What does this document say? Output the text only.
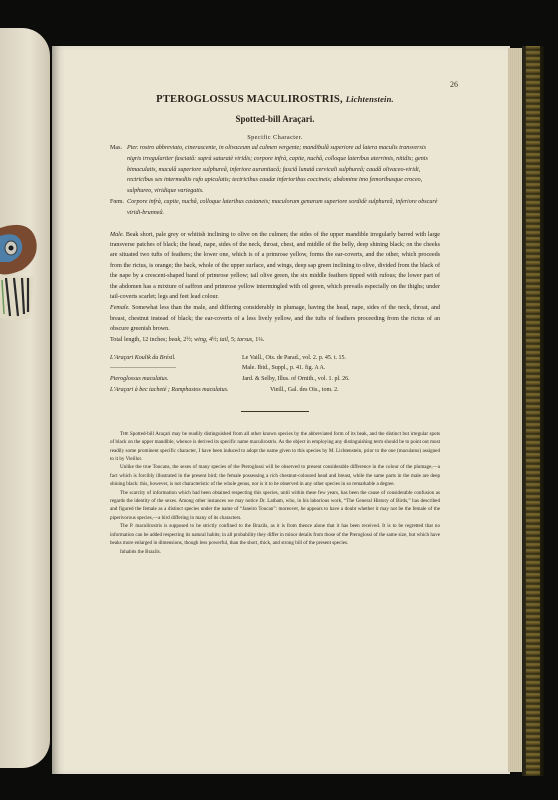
26
PTEROGLOSSUS MACULIROSTRIS, Lichtenstein.
Spotted-bill Araçari.
Specific Character.
Mas. Pter. rostro abbreviato, cinerascente, in olivaceum ad culmen vergente; mandibulâ superiore ad latera maculis transversis nigris irregulariter fasciatâ: suprà saturatè viridis; corpore infrà, capite, nuchâ, colloque lateribus aterrimis, nitidis; genis bimaculatis, maculâ superiore sulphureâ, inferiore aurantiacâ; fasciâ lunatâ cervicali sulphureâ; caudâ olivaceo-viridi, rectricibus sex intermediis rufo apiculatis; tectricibus caudæ inferioribus coccineis; abdomine imo femoribusque croceo, sulphureo, viridique variegatis.
Fœm. Corpore infrà, capite, nuchâ, colloque lateribus castaneis; maculorum genarum superiore sordidè sulphureâ, inferiore obscurè viridi-brunneâ.

Male. Beak short, pale grey or whitish inclining to olive on the culmen; the sides of the upper mandible irregularly barred with large transverse patches of black; the head, nape, sides of the neck, throat, chest, and middle of the belly, deep shining black; on the cheeks are situated two tufts of feathers; the lower one, which is of a primrose yellow, forms the ear-coverts, and the other, which proceeds from the rictus, is orange; the back, whole of the upper surface, and wings, deep sap green inclining to olive, divided from the black of the nape by a crescent-shaped band of primrose yellow; tail olive green, the six middle feathers tipped with rufous; the lower part of the abdomen has a mixture of saffron and primrose yellow intermingled with oil green, which prevails especially on the thighs; under tail-coverts scarlet; legs and feet lead colour.

Female. Somewhat less than the male, and differing considerably in plumage, having the head, nape, sides of the neck, throat, and breast, chestnut instead of black; the ear-coverts of a less lively yellow, and the tufts of feathers proceeding from the rictus of an obscure greenish brown.

Total length, 12 inches; beak, 2½; wing, 4½; tail, 5; tarsus, 1¼.
L'Araçari Koulik du Brésil.	Le Vaill., Ois. de Parad., vol. 2. p. 45. t. 15.
———————————	Male. Ibid., Suppl., p. 41. fig. A A.
Pteroglossus maculatus.	Jard. & Selby, Illus. of Ornith., vol. 1. pl. 26.
L'Araçari à bec tacheté ; Ramphastos maculatus.	Vieill., Gal. des Ois., tom. 2.

The Spotted-bill Araçari may be readily distinguished from all other known species by the abbreviated form of its beak, and the distinct but irregular spots of black on the upper mandible, whence is derived its specific name maculirostris. As the object in employing any distinguishing term should be to point out most readily some prominent specific character, I have been induced to adopt the name given to this species by M. Lichtenstein, prior to the one (maculatus) assigned to it by Vieillot.

Unlike the true Toucans, the sexes of many species of the Pteroglossi will be observed to present considerable difference in the colour of the plumage,—a fact which is forcibly illustrated in the present bird; the female possessing a rich chestnut-coloured head and breast, while the same parts in the male are deep shining black: this, however, is not characteristic of the whole genus, nor is it to be observed in any other species in so remarkable a degree.

The scarcity of information which had been obtained respecting this species, until within these few years, has been the cause of considerable confusion as regards the identity of the sexes. Among other instances we may notice Dr. Latham, who, in his laborious work, “The General History of Birds,” has described and figured the female as a distinct species under the name of “Janeiro Toucan”: moreover, he appears to have a doubt whether it may not be the female of the piperivorous species,—a bird differing in many of its characters.

The P. maculirostris is supposed to be strictly confined to the Brazils, as it is from thence alone that it has been received. It is to be regretted that no information can be added respecting its natural habits; in all probability they differ in minor details from those of the Pteroglossi of the same size, but which have beaks more enlarged in dimensions, though less powerful, than the short, thick, and strong bill of the present species.

Inhabits the Brazils.
